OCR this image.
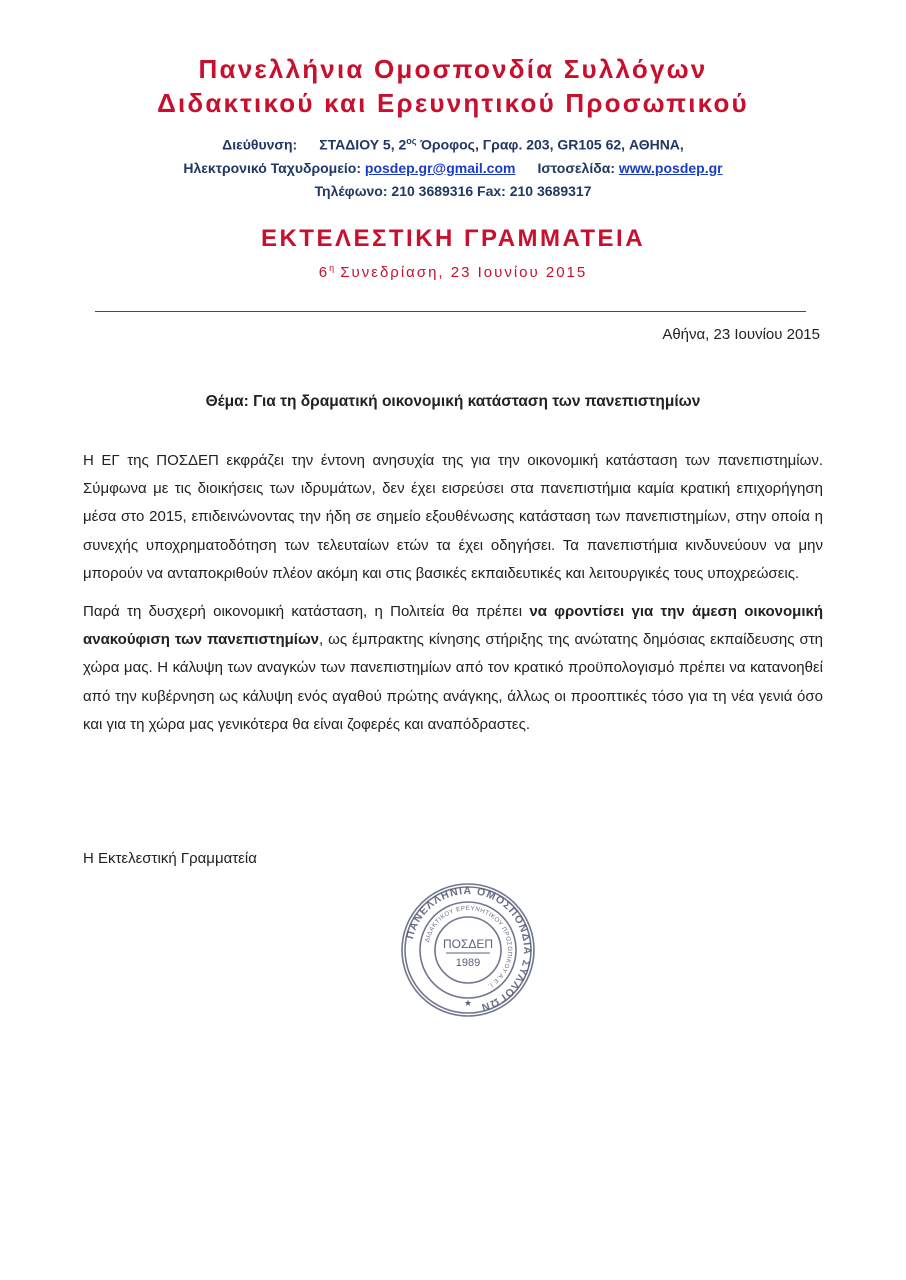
Πανελλήνια Ομοσπονδία Συλλόγων
Διδακτικού και Ερευνητικού Προσωπικού
Διεύθυνση: ΣΤΑΔΙΟΥ 5, $2^{o\varsigma}$ Όροφος, Γραφ. 203, GR105 62, ΑΘΗΝΑ,
Ηλεκτρονικό Ταχυδρομείο: posdep.gr@gmail.com Ιστοσελίδα: www.posdep.gr
Τηλέφωνο: 210 3689316 Fax: 210 3689317
ΕΚΤΕΛΕΣΤΙΚΗ ΓΡΑΜΜΑΤΕΙΑ
$6^\eta$ Συνεδρίαση, 23 Ιουνίου 2015
Αθήνα, 23 Ιουνίου 2015
Θέμα: Για τη δραματική οικονομική κατάσταση των πανεπιστημίων

Η ΕΓ της ΠΟΣΔΕΠ εκφράζει την έντονη ανησυχία της για την οικονομική κατάσταση των πανεπιστημίων. Σύμφωνα με τις διοικήσεις των ιδρυμάτων, δεν έχει εισρεύσει στα πανεπιστήμια καμία κρατική επιχορήγηση μέσα στο 2015, επιδεινώνοντας την ήδη σε σημείο εξουθένωσης κατάσταση των πανεπιστημίων, στην οποία η συνεχής υποχρηματοδότηση των τελευταίων ετών τα έχει οδηγήσει. Τα πανεπιστήμια κινδυνεύουν να μην μπορούν να ανταποκριθούν πλέον ακόμη και στις βασικές εκπαιδευτικές και λειτουργικές τους υποχρεώσεις.

Παρά τη δυσχερή οικονομική κατάσταση, η Πολιτεία θα πρέπει να φροντίσει για την άμεση οικονομική ανακούφιση των πανεπιστημίων, ως έμπρακτης κίνησης στήριξης της ανώτατης δημόσιας εκπαίδευσης στη χώρα μας. Η κάλυψη των αναγκών των πανεπιστημίων από τον κρατικό προϋπολογισμό πρέπει να κατανοηθεί από την κυβέρνηση ως κάλυψη ενός αγαθού πρώτης ανάγκης, άλλως οι προοπτικές τόσο για τη νέα γενιά όσο και για τη χώρα μας γενικότερα θα είναι ζοφερές και αναπόδραστες.

Η Εκτελεστική Γραμματεία
ΠΑΝΕΛΛΗΝΙΑ ΟΜΟΣΠΟΝΔΙΑ ΣΥΛΛΟΓΩΝ
ΔΙΔΑΚΤΙΚΟΥ ΕΡΕΥΝΗΤΙΚΟΥ ΠΡΟΣΩΠΙΚΟΥ Α.Ε.Ι.
ΠΟΣΔΕΠ
1989
★
